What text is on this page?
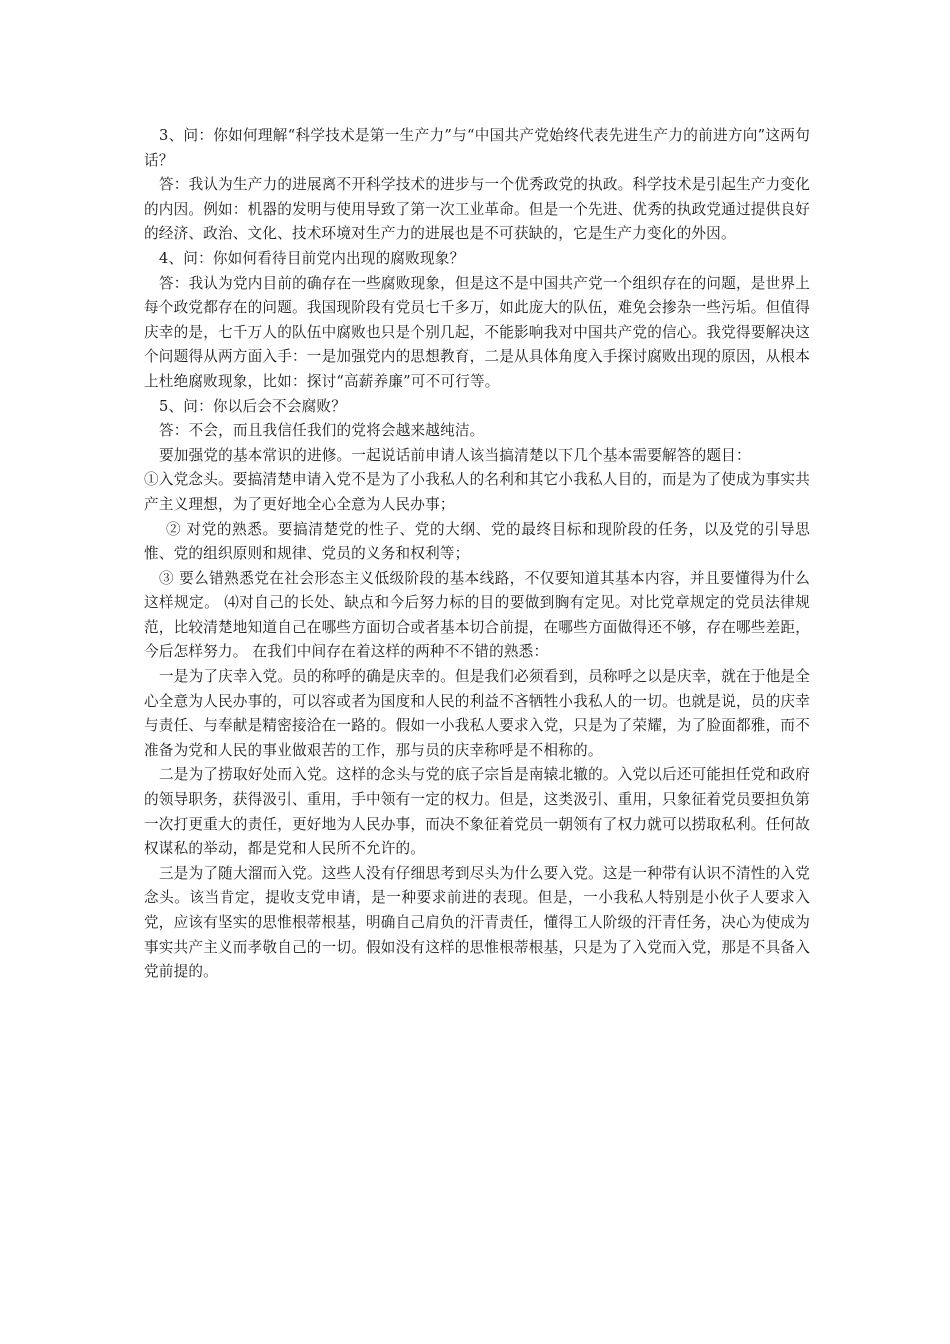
3、问：你如何理解“科学技术是第一生产力”与“中国共产党始终代表先进生产力的前进方向”这两句话？

答：我认为生产力的进展离不开科学技术的进步与一个优秀政党的执政。科学技术是引起生产力变化的内因。例如：机器的发明与使用导致了第一次工业革命。但是一个先进、优秀的执政党通过提供良好的经济、政治、文化、技术环境对生产力的进展也是不可获缺的，它是生产力变化的外因。

4、问：你如何看待目前党内出现的腐败现象？

答：我认为党内目前的确存在一些腐败现象，但是这不是中国共产党一个组织存在的问题，是世界上每个政党都存在的问题。我国现阶段有党员七千多万，如此庞大的队伍，难免会掺杂一些污垢。但值得庆幸的是，七千万人的队伍中腐败也只是个别几起，不能影响我对中国共产党的信心。我党得要解决这个问题得从两方面入手：一是加强党内的思想教育，二是从具体角度入手探讨腐败出现的原因，从根本上杜绝腐败现象，比如：探讨“高薪养廉”可不可行等。

5、问：你以后会不会腐败？

答：不会，而且我信任我们的党将会越来越纯洁。

要加强党的基本常识的进修。一起说话前申请人该当搞清楚以下几个基本需要解答的题目：

①入党念头。要搞清楚申请入党不是为了小我私人的名利和其它小我私人目的，而是为了使成为事实共产主义理想，为了更好地全心全意为人民办事；

② 对党的熟悉。要搞清楚党的性子、党的大纲、党的最终目标和现阶段的任务，以及党的引导思惟、党的组织原则和规律、党员的义务和权利等；

③ 要么错熟悉党在社会形态主义低级阶段的基本线路，不仅要知道其基本内容，并且要懂得为什么这样规定。 ⑷对自己的长处、缺点和今后努力标的目的要做到胸有定见。对比党章规定的党员法律规范，比较清楚地知道自己在哪些方面切合或者基本切合前提，在哪些方面做得还不够，存在哪些差距，今后怎样努力。 在我们中间存在着这样的两种不不错的熟悉：

一是为了庆幸入党。员的称呼的确是庆幸的。但是我们必须看到，员称呼之以是庆幸，就在于他是全心全意为人民办事的，可以容或者为国度和人民的利益不吝牺牲小我私人的一切。也就是说，员的庆幸与责任、与奉献是精密接洽在一路的。假如一小我私人要求入党，只是为了荣耀，为了脸面都雅，而不准备为党和人民的事业做艰苦的工作，那与员的庆幸称呼是不相称的。

二是为了捞取好处而入党。这样的念头与党的底子宗旨是南辕北辙的。入党以后还可能担任党和政府的领导职务，获得汲引、重用，手中领有一定的权力。但是，这类汲引、重用，只象征着党员要担负第一次打更重大的责任，更好地为人民办事，而决不象征着党员一朝领有了权力就可以捞取私利。任何故权谋私的举动，都是党和人民所不允许的。

三是为了随大溜而入党。这些人没有仔细思考到尽头为什么要入党。这是一种带有认识不清性的入党念头。该当肯定，提收支党申请，是一种要求前进的表现。但是，一小我私人特别是小伙子人要求入党，应该有坚实的思惟根蒂根基，明确自己肩负的汗青责任，懂得工人阶级的汗青任务，决心为使成为事实共产主义而孝敬自己的一切。假如没有这样的思惟根蒂根基，只是为了入党而入党，那是不具备入党前提的。
